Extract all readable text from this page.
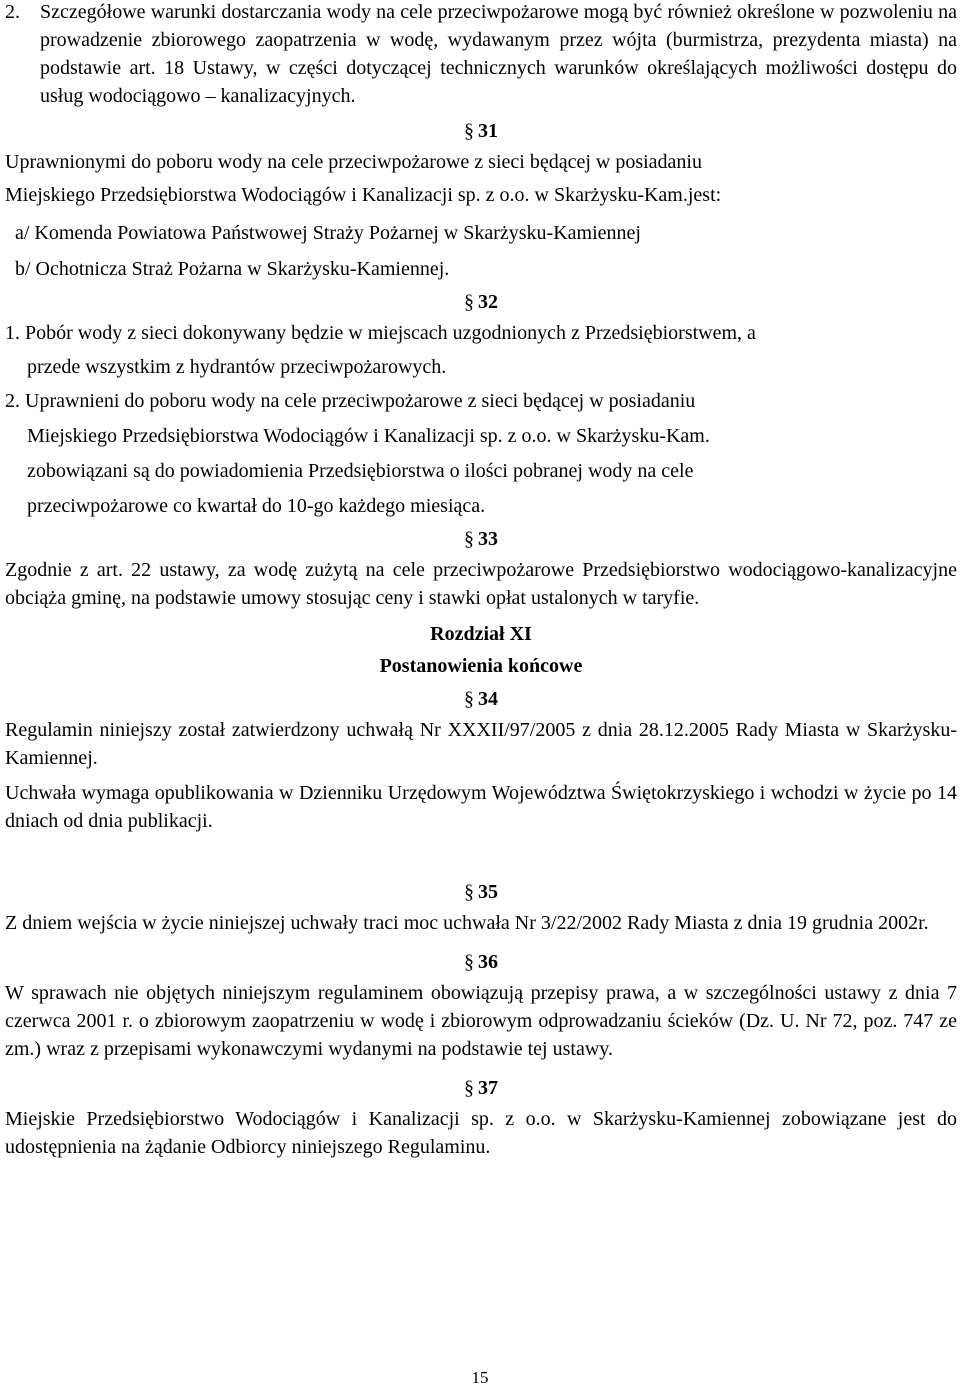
2. Szczegółowe warunki dostarczania wody na cele przeciwpożarowe mogą być również określone w pozwoleniu na prowadzenie zbiorowego zaopatrzenia w wodę, wydawanym przez wójta (burmistrza, prezydenta miasta) na podstawie art. 18 Ustawy, w części dotyczącej technicznych warunków określających możliwości dostępu do usług wodociągowo – kanalizacyjnych.

§ 31

Uprawnionymi do poboru wody na cele przeciwpożarowe z sieci będącej w posiadaniu

Miejskiego Przedsiębiorstwa Wodociągów i Kanalizacji sp. z o.o. w Skarżysku-Kam.jest:

a/ Komenda Powiatowa Państwowej Straży Pożarnej w Skarżysku-Kamiennej

b/ Ochotnicza Straż Pożarna w Skarżysku-Kamiennej.

§ 32

1. Pobór wody z sieci dokonywany będzie w miejscach uzgodnionych z Przedsiębiorstwem, a

przede wszystkim z hydrantów przeciwpożarowych.

2. Uprawnieni do poboru wody na cele przeciwpożarowe z sieci będącej w posiadaniu

Miejskiego Przedsiębiorstwa Wodociągów i Kanalizacji sp. z o.o. w Skarżysku-Kam.

zobowiązani są do powiadomienia Przedsiębiorstwa o ilości pobranej wody na cele

przeciwpożarowe co kwartał do 10-go każdego miesiąca.

§ 33

Zgodnie z art. 22 ustawy, za wodę zużytą na cele przeciwpożarowe Przedsiębiorstwo wodociągowo-kanalizacyjne obciąża gminę, na podstawie umowy stosując ceny i stawki opłat ustalonych w taryfie.

Rozdział XI

Postanowienia końcowe

§ 34

Regulamin niniejszy został zatwierdzony uchwałą Nr XXXII/97/2005 z dnia 28.12.2005 Rady Miasta w Skarżysku-Kamiennej.

Uchwała wymaga opublikowania w Dzienniku Urzędowym Województwa Świętokrzyskiego i wchodzi w życie po 14 dniach od dnia publikacji.

§ 35

Z dniem wejścia w życie niniejszej uchwały traci moc uchwała Nr 3/22/2002 Rady Miasta z dnia 19 grudnia 2002r.

§ 36

W sprawach nie objętych niniejszym regulaminem obowiązują przepisy prawa, a w szczególności ustawy z dnia 7 czerwca 2001 r. o zbiorowym zaopatrzeniu w wodę i zbiorowym odprowadzaniu ścieków (Dz. U. Nr 72, poz. 747 ze zm.) wraz z przepisami wykonawczymi wydanymi na podstawie tej ustawy.

§ 37

Miejskie Przedsiębiorstwo Wodociągów i Kanalizacji sp. z o.o. w Skarżysku-Kamiennej zobowiązane jest do udostępnienia na żądanie Odbiorcy niniejszego Regulaminu.

15
